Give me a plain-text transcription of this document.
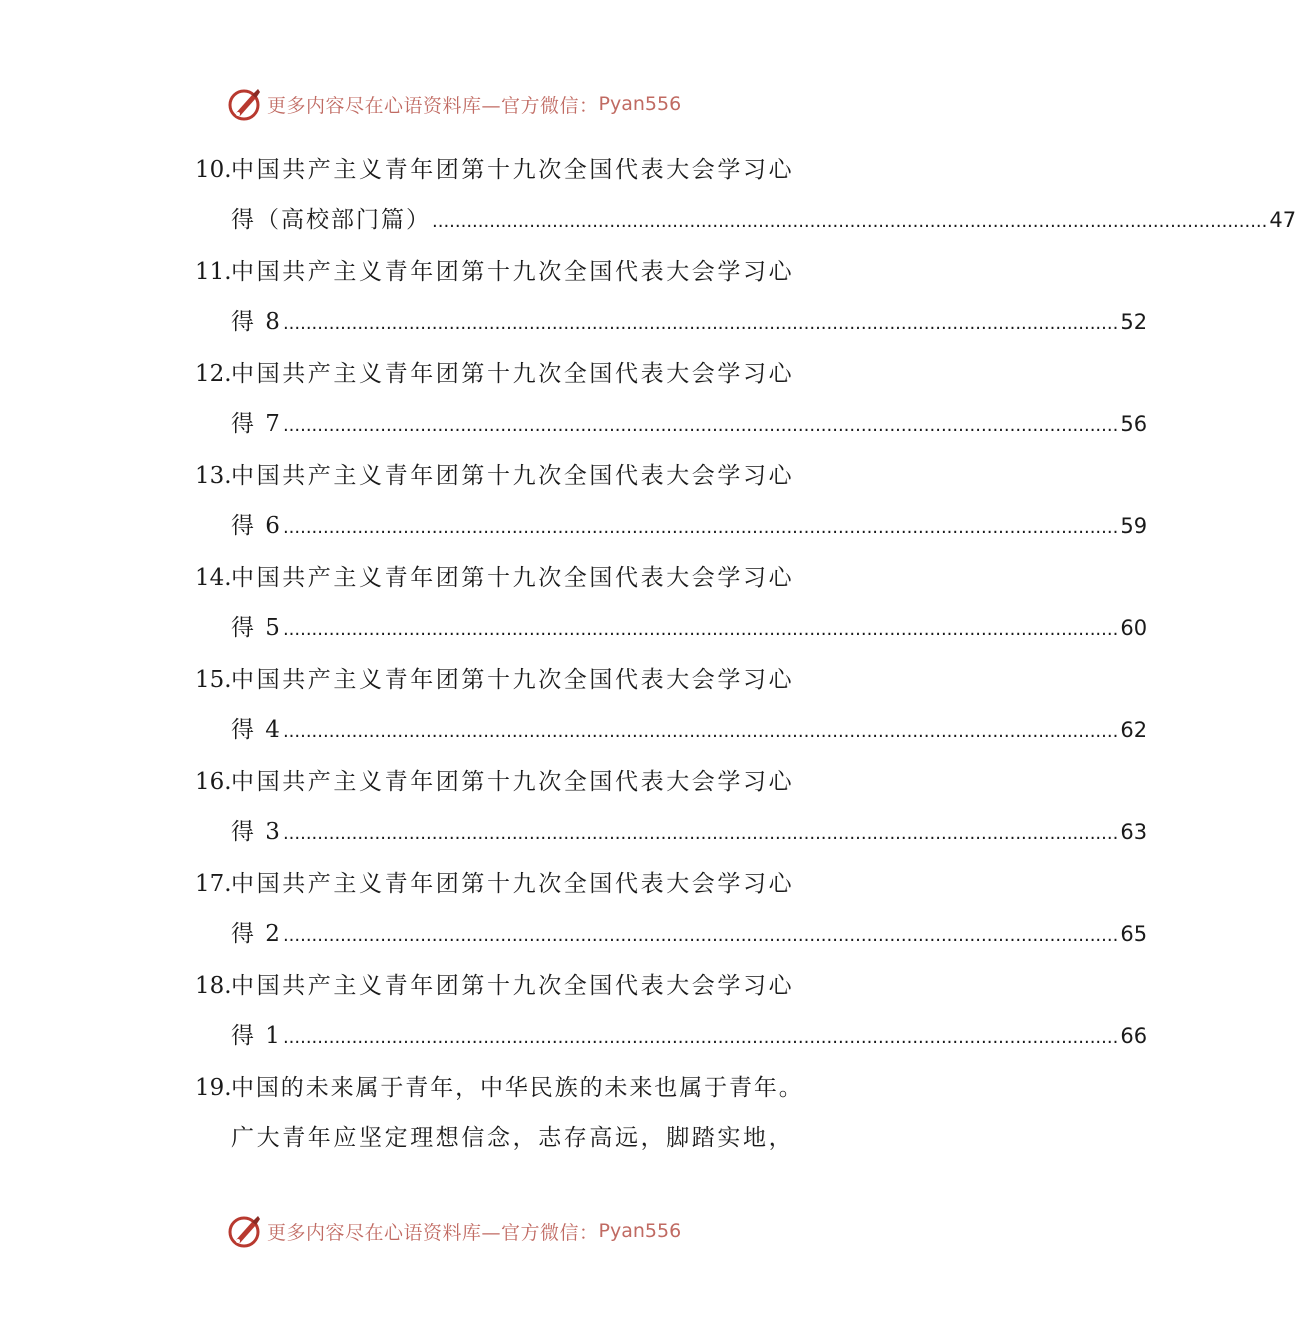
更多内容尽在心语资料库—官方微信： Pyan556
10. 中国共产主义青年团第十九次全国代表大会学习心
得（高校部门篇） .................................................................................................................................................. 47
11. 中国共产主义青年团第十九次全国代表大会学习心
得 8 .................................................................................................................................................. 52
12. 中国共产主义青年团第十九次全国代表大会学习心
得 7 .................................................................................................................................................. 56
13. 中国共产主义青年团第十九次全国代表大会学习心
得 6 .................................................................................................................................................. 59
14. 中国共产主义青年团第十九次全国代表大会学习心
得 5 .................................................................................................................................................. 60
15. 中国共产主义青年团第十九次全国代表大会学习心
得 4 .................................................................................................................................................. 62
16. 中国共产主义青年团第十九次全国代表大会学习心
得 3 .................................................................................................................................................. 63
17. 中国共产主义青年团第十九次全国代表大会学习心
得 2 .................................................................................................................................................. 65
18. 中国共产主义青年团第十九次全国代表大会学习心
得 1 .................................................................................................................................................. 66
19. 中国的未来属于青年，中华民族的未来也属于青年。
广大青年应坚定理想信念，志存高远，脚踏实地，
更多内容尽在心语资料库—官方微信： Pyan556
